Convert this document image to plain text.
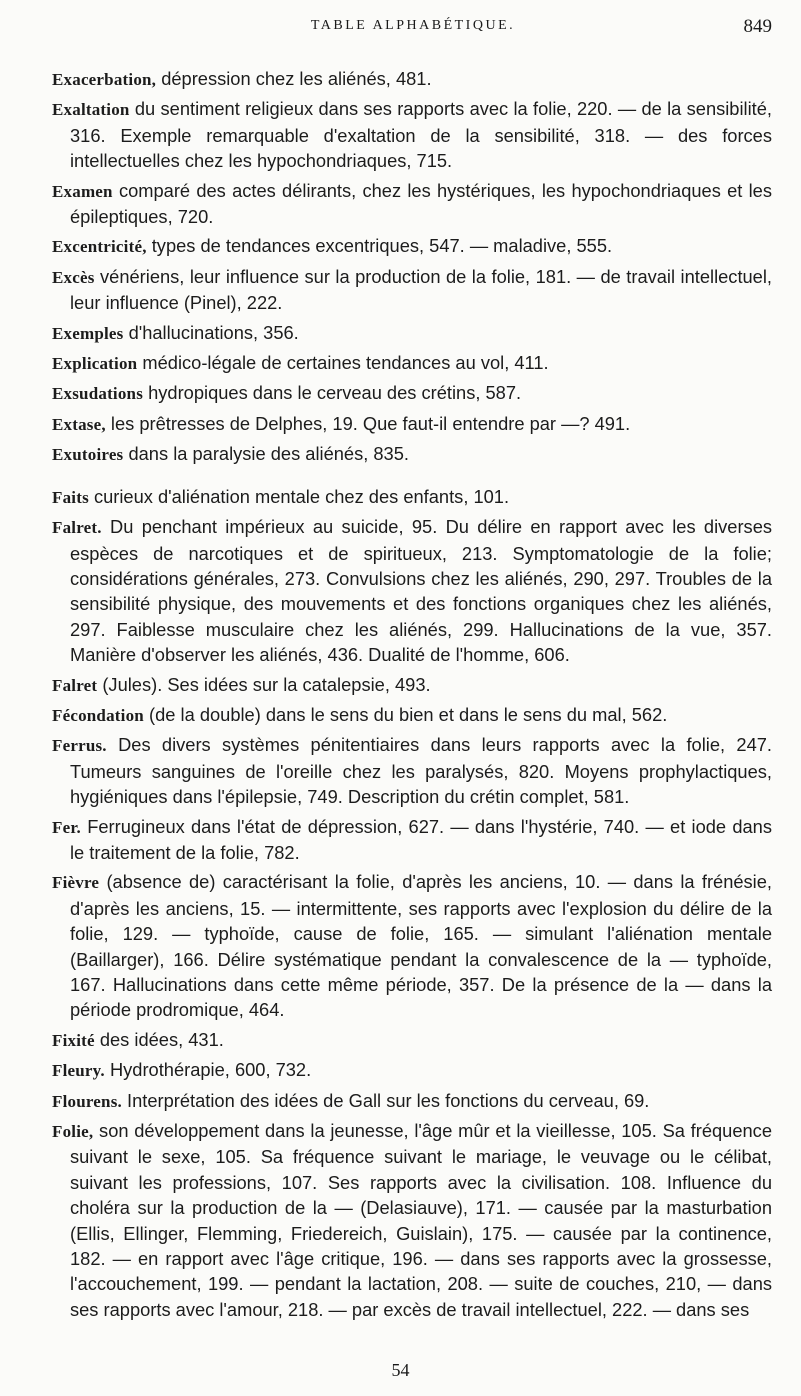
TABLE ALPHABÉTIQUE.	849

Exacerbation, dépression chez les aliénés, 481.

Exaltation du sentiment religieux dans ses rapports avec la folie, 220. — de la sensibilité, 316. Exemple remarquable d'exaltation de la sensibilité, 318. — des forces intellectuelles chez les hypochondriaques, 715.

Examen comparé des actes délirants, chez les hystériques, les hypochondriaques et les épileptiques, 720.

Excentricité, types de tendances excentriques, 547. — maladive, 555.

Excès vénériens, leur influence sur la production de la folie, 181. — de travail intellectuel, leur influence (Pinel), 222.

Exemples d'hallucinations, 356.

Explication médico-légale de certaines tendances au vol, 411.

Exsudations hydropiques dans le cerveau des crétins, 587.

Extase, les prêtresses de Delphes, 19. Que faut-il entendre par —? 491.

Exutoires dans la paralysie des aliénés, 835.

Faits curieux d'aliénation mentale chez des enfants, 101.

Falret. Du penchant impérieux au suicide, 95. Du délire en rapport avec les diverses espèces de narcotiques et de spiritueux, 213. Symptomatologie de la folie; considérations générales, 273. Convulsions chez les aliénés, 290, 297. Troubles de la sensibilité physique, des mouvements et des fonctions organiques chez les aliénés, 297. Faiblesse musculaire chez les aliénés, 299. Hallucinations de la vue, 357. Manière d'observer les aliénés, 436. Dualité de l'homme, 606.

Falret (Jules). Ses idées sur la catalepsie, 493.

Fécondation (de la double) dans le sens du bien et dans le sens du mal, 562.

Ferrus. Des divers systèmes pénitentiaires dans leurs rapports avec la folie, 247. Tumeurs sanguines de l'oreille chez les paralysés, 820. Moyens prophylactiques, hygiéniques dans l'épilepsie, 749. Description du crétin complet, 581.

Fer. Ferrugineux dans l'état de dépression, 627. — dans l'hystérie, 740. — et iode dans le traitement de la folie, 782.

Fièvre (absence de) caractérisant la folie, d'après les anciens, 10. — dans la frénésie, d'après les anciens, 15. — intermittente, ses rapports avec l'explosion du délire de la folie, 129. — typhoïde, cause de folie, 165. — simulant l'aliénation mentale (Baillarger), 166. Délire systématique pendant la convalescence de la — typhoïde, 167. Hallucinations dans cette même période, 357. De la présence de la — dans la période prodromique, 464.

Fixité des idées, 431.

Fleury. Hydrothérapie, 600, 732.

Flourens. Interprétation des idées de Gall sur les fonctions du cerveau, 69.

Folie, son développement dans la jeunesse, l'âge mûr et la vieillesse, 105. Sa fréquence suivant le sexe, 105. Sa fréquence suivant le mariage, le veuvage ou le célibat, suivant les professions, 107. Ses rapports avec la civilisation. 108. Influence du choléra sur la production de la — (Delasiauve), 171. — causée par la masturbation (Ellis, Ellinger, Flemming, Friedereich, Guislain), 175. — causée par la continence, 182. — en rapport avec l'âge critique, 196. — dans ses rapports avec la grossesse, l'accouchement, 199. — pendant la lactation, 208. — suite de couches, 210, — dans ses rapports avec l'amour, 218. — par excès de travail intellectuel, 222. — dans ses

54
